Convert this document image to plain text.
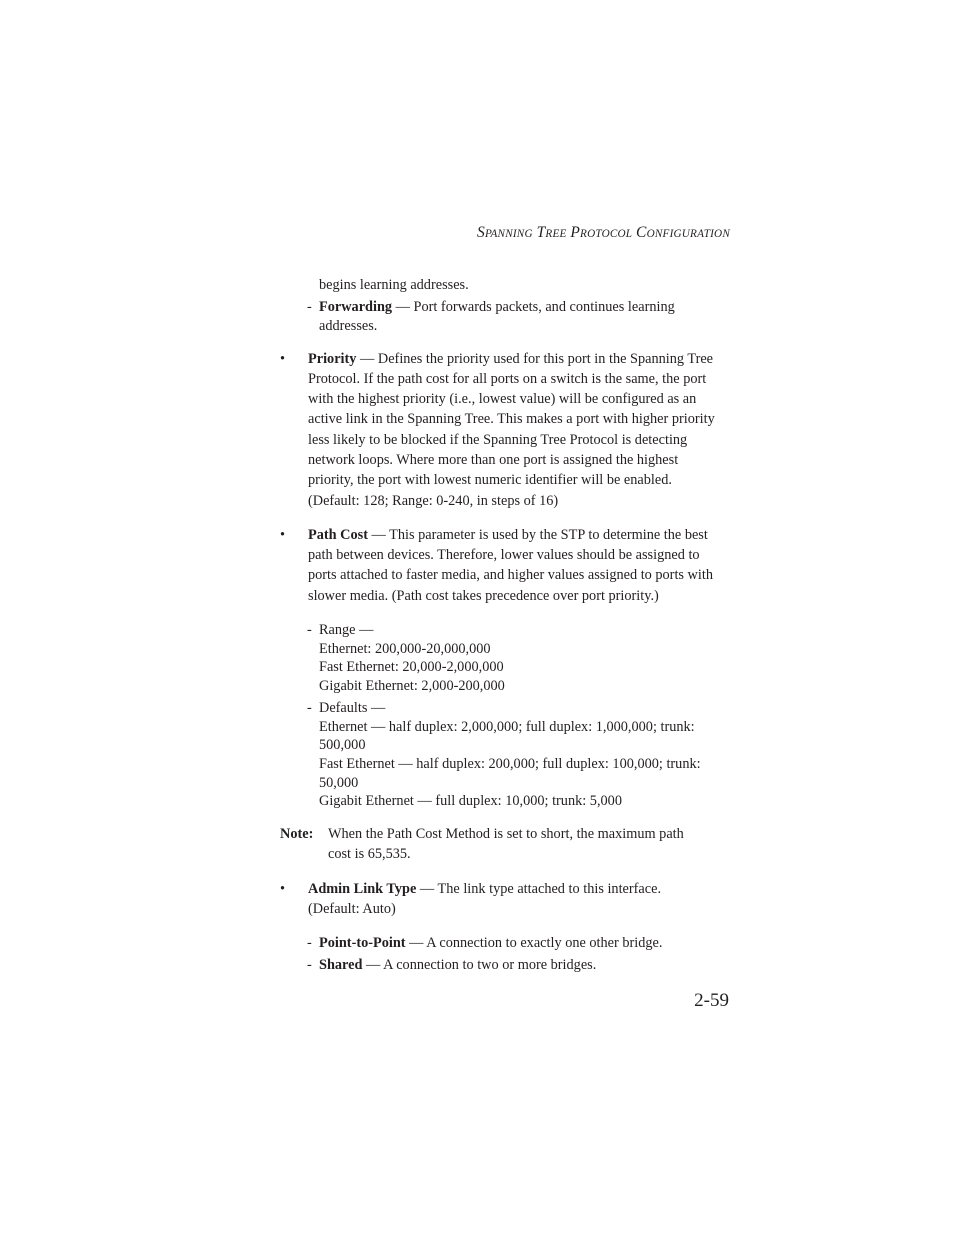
SPANNING TREE PROTOCOL CONFIGURATION
begins learning addresses.
- Forwarding — Port forwards packets, and continues learning
addresses.
• Priority — Defines the priority used for this port in the Spanning Tree
Protocol. If the path cost for all ports on a switch is the same, the port
with the highest priority (i.e., lowest value) will be configured as an
active link in the Spanning Tree. This makes a port with higher priority
less likely to be blocked if the Spanning Tree Protocol is detecting
network loops. Where more than one port is assigned the highest
priority, the port with lowest numeric identifier will be enabled.
(Default: 128; Range: 0-240, in steps of 16)
• Path Cost — This parameter is used by the STP to determine the best
path between devices. Therefore, lower values should be assigned to
ports attached to faster media, and higher values assigned to ports with
slower media. (Path cost takes precedence over port priority.)
- Range —
Ethernet: 200,000-20,000,000
Fast Ethernet: 20,000-2,000,000
Gigabit Ethernet: 2,000-200,000
- Defaults —
Ethernet — half duplex: 2,000,000; full duplex: 1,000,000; trunk:
500,000
Fast Ethernet — half duplex: 200,000; full duplex: 100,000; trunk:
50,000
Gigabit Ethernet — full duplex: 10,000; trunk: 5,000
Note: When the Path Cost Method is set to short, the maximum path
cost is 65,535.
• Admin Link Type — The link type attached to this interface.
(Default: Auto)
- Point-to-Point — A connection to exactly one other bridge.
- Shared — A connection to two or more bridges.
2-59
